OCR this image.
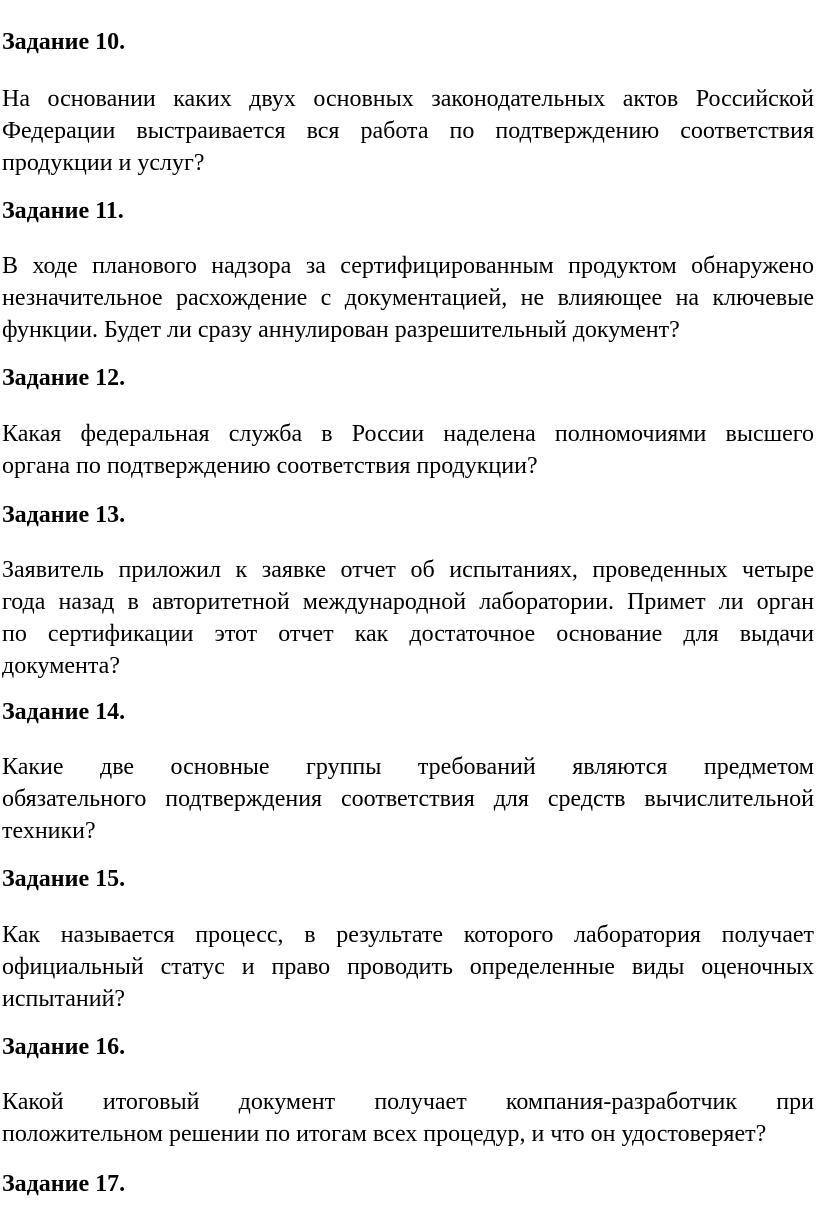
Задание 10.
На основании каких двух основных законодательных актов Российской
Федерации выстраивается вся работа по подтверждению соответствия
продукции и услуг?
Задание 11.
В ходе планового надзора за сертифицированным продуктом обнаружено
незначительное расхождение с документацией, не влияющее на ключевые
функции. Будет ли сразу аннулирован разрешительный документ?
Задание 12.
Какая федеральная служба в России наделена полномочиями высшего
органа по подтверждению соответствия продукции?
Задание 13.
Заявитель приложил к заявке отчет об испытаниях, проведенных четыре
года назад в авторитетной международной лаборатории. Примет ли орган
по сертификации этот отчет как достаточное основание для выдачи
документа?
Задание 14.
Какие две основные группы требований являются предметом
обязательного подтверждения соответствия для средств вычислительной
техники?
Задание 15.
Как называется процесс, в результате которого лаборатория получает
официальный статус и право проводить определенные виды оценочных
испытаний?
Задание 16.
Какой итоговый документ получает компания-разработчик при
положительном решении по итогам всех процедур, и что он удостоверяет?
Задание 17.
